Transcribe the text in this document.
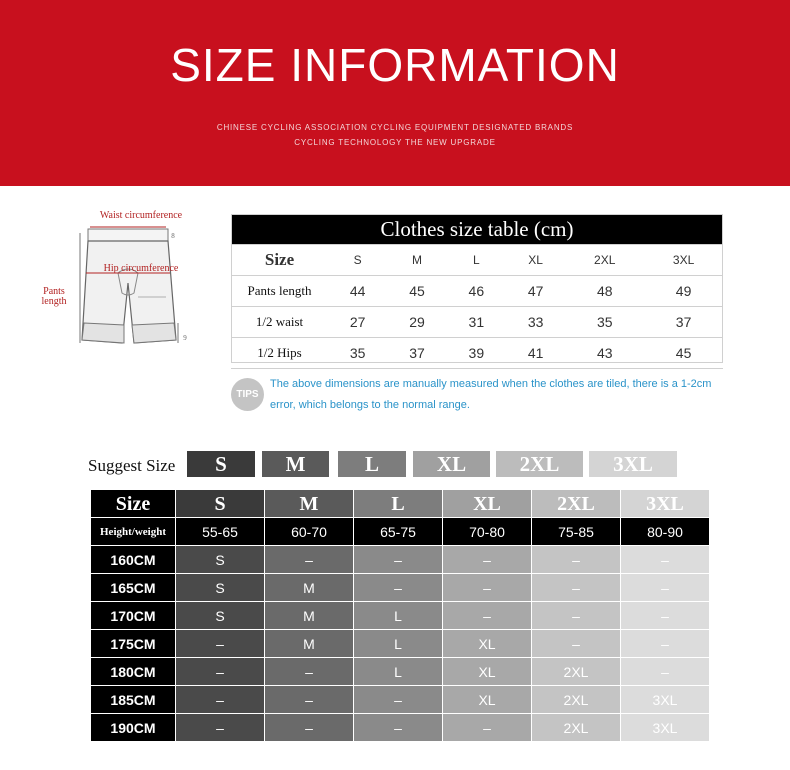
SIZE INFORMATION
CHINESE CYCLING ASSOCIATION CYCLING EQUIPMENT DESIGNATED BRANDS
CYCLING TECHNOLOGY THE NEW UPGRADE
Waist circumference
Hip circumference
Pants length
8
9
Clothes size table (cm)						
Size	S	M	L	XL	2XL	3XL
Pants length	44	45	46	47	48	49
1/2 waist	27	29	31	33	35	37
1/2 Hips	35	37	39	41	43	45
TIPS
The above dimensions are manually measured when the clothes are tiled, there is a 1-2cm
error, which belongs to the normal range.
Suggest Size	S	M	L	XL	2XL	3XL
Size	S	M	L	XL	2XL	3XL
Height/weight	55-65	60-70	65-75	70-80	75-85	80-90
160CM	S	–	–	–	–	–
165CM	S	M	–	–	–	–
170CM	S	M	L	–	–	–
175CM	–	M	L	XL	–	–
180CM	–	–	L	XL	2XL	–
185CM	–	–	–	XL	2XL	3XL
190CM	–	–	–	–	2XL	3XL
